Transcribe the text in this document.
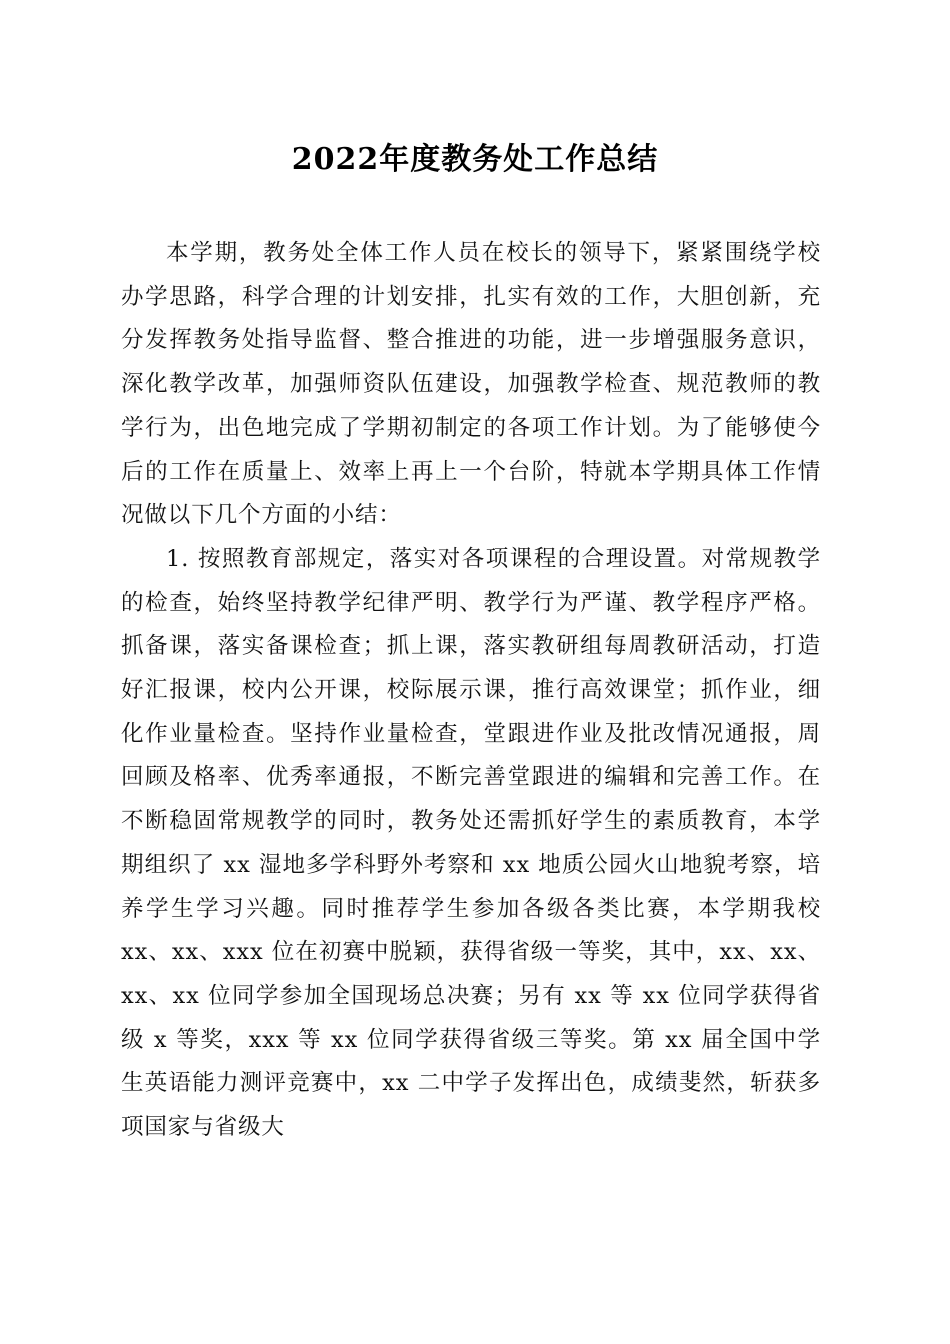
2022年度教务处工作总结

本学期，教务处全体工作人员在校长的领导下，紧紧围绕学校办学思路，科学合理的计划安排，扎实有效的工作，大胆创新，充分发挥教务处指导监督、整合推进的功能，进一步增强服务意识，深化教学改革，加强师资队伍建设，加强教学检查、规范教师的教学行为，出色地完成了学期初制定的各项工作计划。为了能够使今后的工作在质量上、效率上再上一个台阶，特就本学期具体工作情况做以下几个方面的小结：

1. 按照教育部规定，落实对各项课程的合理设置。对常规教学的检查，始终坚持教学纪律严明、教学行为严谨、教学程序严格。抓备课，落实备课检查；抓上课，落实教研组每周教研活动，打造好汇报课，校内公开课，校际展示课，推行高效课堂；抓作业，细化作业量检查。坚持作业量检查，堂跟进作业及批改情况通报，周回顾及格率、优秀率通报，不断完善堂跟进的编辑和完善工作。在不断稳固常规教学的同时，教务处还需抓好学生的素质教育，本学期组织了 xx 湿地多学科野外考察和 xx 地质公园火山地貌考察，培养学生学习兴趣。同时推荐学生参加各级各类比赛，本学期我校 xx、xx、xxx 位在初赛中脱颖，获得省级一等奖，其中，xx、xx、xx、xx 位同学参加全国现场总决赛；另有 xx 等 xx 位同学获得省级 x 等奖，xxx 等 xx 位同学获得省级三等奖。第 xx 届全国中学生英语能力测评竞赛中，xx 二中学子发挥出色，成绩斐然，斩获多项国家与省级大
